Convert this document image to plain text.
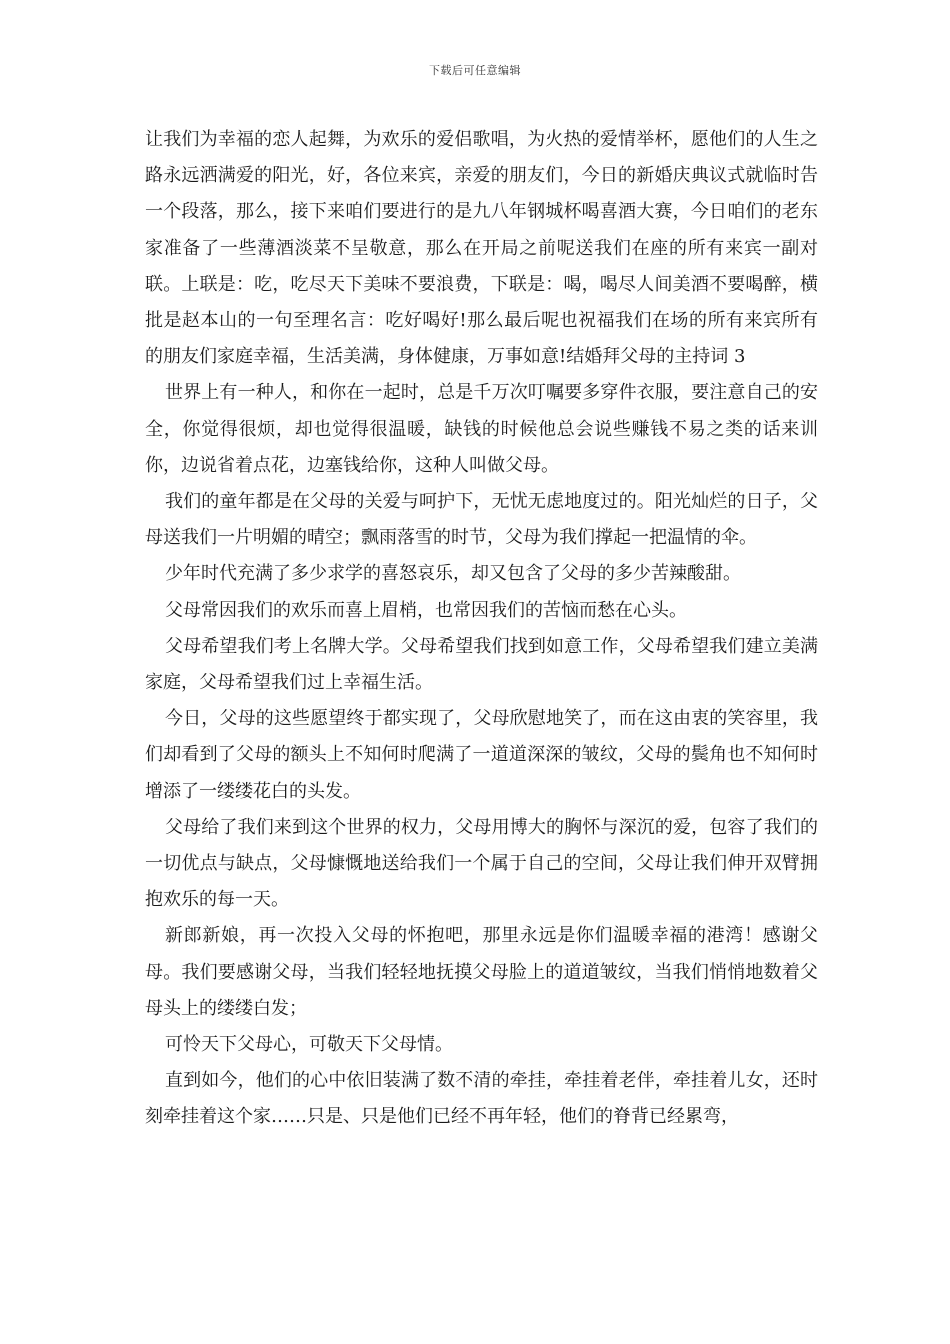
下载后可任意编辑

让我们为幸福的恋人起舞，为欢乐的爱侣歌唱，为火热的爱情举杯，愿他们的人生之路永远洒满爱的阳光，好，各位来宾，亲爱的朋友们，今日的新婚庆典议式就临时告一个段落，那么，接下来咱们要进行的是九八年钢城杯喝喜酒大赛，今日咱们的老东家准备了一些薄酒淡菜不呈敬意，那么在开局之前呢送我们在座的所有来宾一副对联。上联是：吃，吃尽天下美味不要浪费，下联是：喝，喝尽人间美酒不要喝醉，横批是赵本山的一句至理名言：吃好喝好!那么最后呢也祝福我们在场的所有来宾所有的朋友们家庭幸福，生活美满，身体健康，万事如意!结婚拜父母的主持词 3

世界上有一种人，和你在一起时，总是千万次叮嘱要多穿件衣服，要注意自己的安全，你觉得很烦，却也觉得很温暖，缺钱的时候他总会说些赚钱不易之类的话来训你，边说省着点花，边塞钱给你，这种人叫做父母。

我们的童年都是在父母的关爱与呵护下，无忧无虑地度过的。阳光灿烂的日子，父母送我们一片明媚的晴空；飘雨落雪的时节，父母为我们撑起一把温情的伞。

少年时代充满了多少求学的喜怒哀乐，却又包含了父母的多少苦辣酸甜。

父母常因我们的欢乐而喜上眉梢，也常因我们的苦恼而愁在心头。

父母希望我们考上名牌大学。父母希望我们找到如意工作，父母希望我们建立美满家庭，父母希望我们过上幸福生活。

今日，父母的这些愿望终于都实现了，父母欣慰地笑了，而在这由衷的笑容里，我们却看到了父母的额头上不知何时爬满了一道道深深的皱纹，父母的鬓角也不知何时增添了一缕缕花白的头发。

父母给了我们来到这个世界的权力，父母用博大的胸怀与深沉的爱，包容了我们的一切优点与缺点，父母慷慨地送给我们一个属于自己的空间，父母让我们伸开双臂拥抱欢乐的每一天。

新郎新娘，再一次投入父母的怀抱吧，那里永远是你们温暖幸福的港湾！感谢父母。我们要感谢父母，当我们轻轻地抚摸父母脸上的道道皱纹，当我们悄悄地数着父母头上的缕缕白发；

可怜天下父母心，可敬天下父母情。

直到如今，他们的心中依旧装满了数不清的牵挂，牵挂着老伴，牵挂着儿女，还时刻牵挂着这个家……只是、只是他们已经不再年轻，他们的脊背已经累弯，
